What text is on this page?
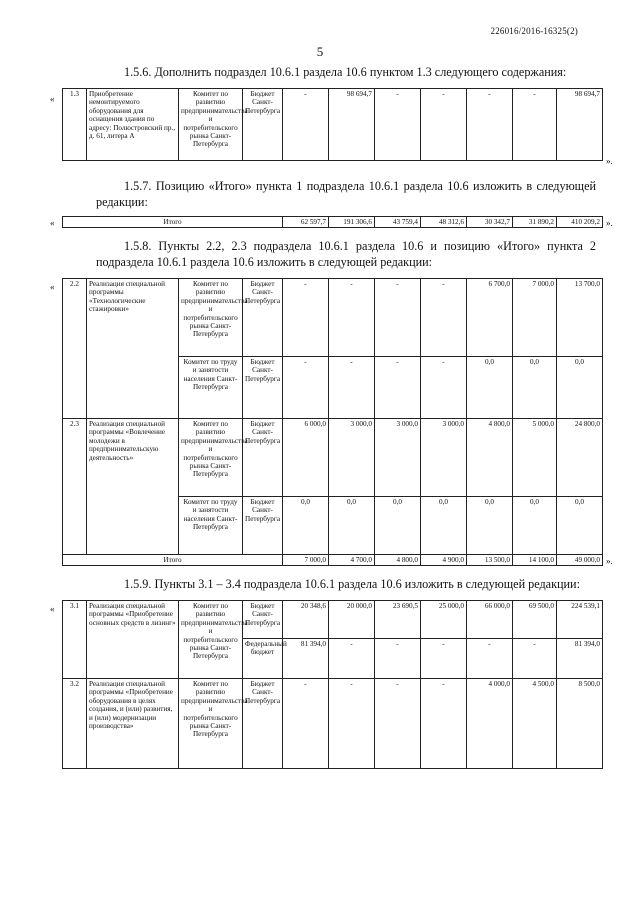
226016/2016-16325(2)
5
1.5.6. Дополнить подраздел 10.6.1 раздела 10.6 пунктом 1.3 следующего содержания:
« 1.3	Приобретение немонтируемого оборудования для оснащения здания по адресу: Полюстровский пр., д. 61, литера А	Комитет по развитию предпринимательства и потребительского рынка Санкт-Петербурга	Бюджет Санкт-Петербурга	-	98 694,7	-	-	-	-	98 694,7
».
1.5.7. Позицию «Итого» пункта 1 подраздела 10.6.1 раздела 10.6 изложить в следующей редакции:
«	Итого	62 597,7	191 306,6	43 759,4	48 312,6	30 342,7	31 890,2	410 209,2 ».
1.5.8. Пункты 2.2, 2.3 подраздела 10.6.1 раздела 10.6 и позицию «Итого» пункта 2 подраздела 10.6.1 раздела 10.6 изложить в следующей редакции:
« 2.2	Реализация специальной программы «Технологические стажировки»	Комитет по развитию предпринимательства и потребительского рынка Санкт-Петербурга	Бюджет Санкт-Петербурга	-	-	-	-	6 700,0	7 000,0	13 700,0
		Комитет по труду и занятости населения Санкт-Петербурга	Бюджет Санкт-Петербурга	-	-	-	-	0,0	0,0	0,0
2.3	Реализация специальной программы «Вовлечение молодежи в предпринимательскую деятельность»	Комитет по развитию предпринимательства и потребительского рынка Санкт-Петербурга	Бюджет Санкт-Петербурга	6 000,0	3 000,0	3 000,0	3 000,0	4 800,0	5 000,0	24 800,0
		Комитет по труду и занятости населения Санкт-Петербурга	Бюджет Санкт-Петербурга	0,0	0,0	0,0	0,0	0,0	0,0	0,0
Итого				7 000,0	4 700,0	4 800,0	4 900,0	13 500,0	14 100,0	49 000,0 ».
1.5.9. Пункты 3.1 – 3.4 подраздела 10.6.1 раздела 10.6 изложить в следующей редакции:
« 3.1	Реализация специальной программы «Приобретение основных средств в лизинг»	Комитет по развитию предпринимательства и потребительского рынка Санкт-Петербурга	Бюджет Санкт-Петербурга	20 348,6	20 000,0	23 690,5	25 000,0	66 000,0	69 500,0	224 539,1
			Федеральный бюджет	81 394,0	-	-	-	-	-	81 394,0
3.2	Реализация специальной программы «Приобретение оборудования в целях создания, и (или) развития, и (или) модернизации производства»	Комитет по развитию предпринимательства и потребительского рынка Санкт-Петербурга	Бюджет Санкт-Петербурга	-	-	-	-	4 000,0	4 500,0	8 500,0
